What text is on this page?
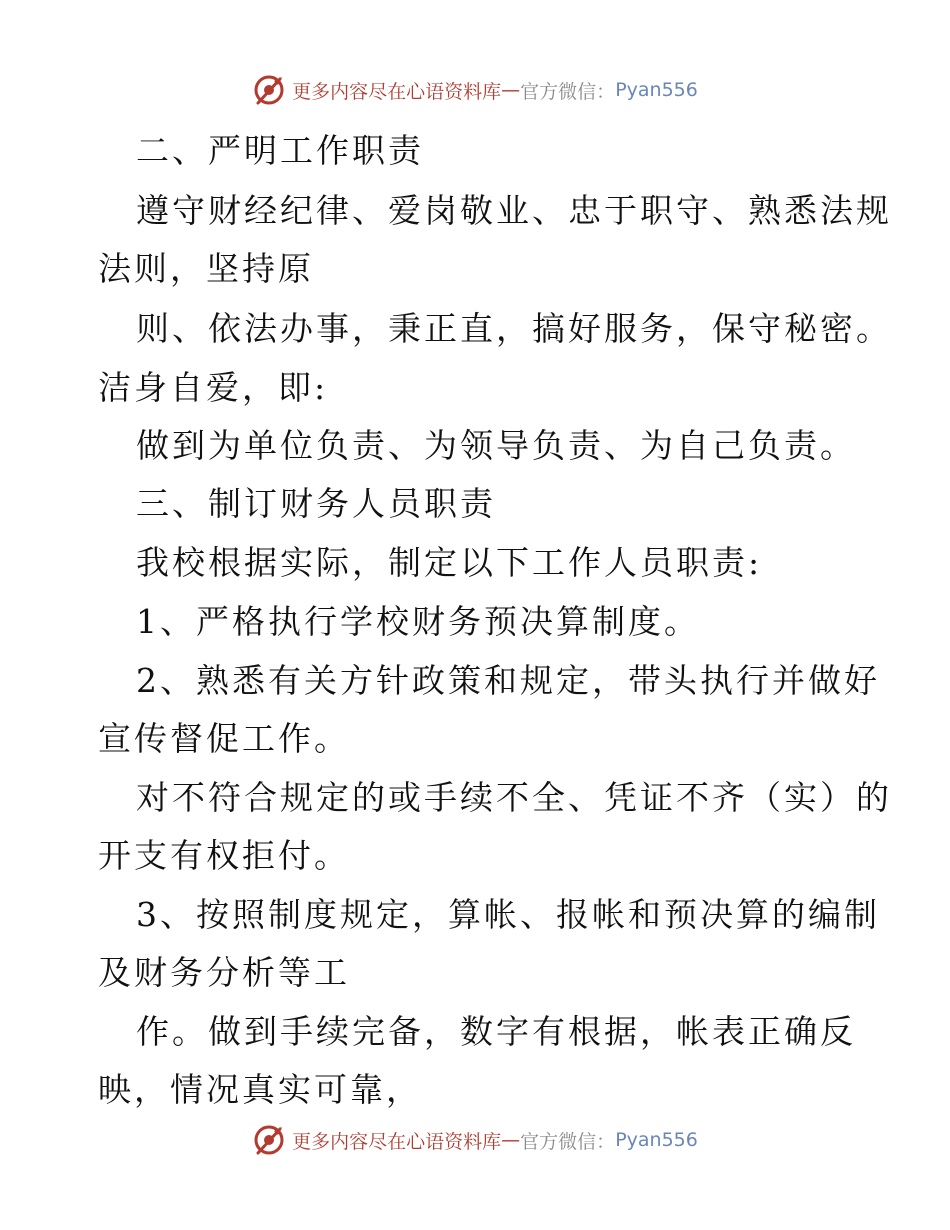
更多内容尽在心语资料库 — 官方微信： Pyan556
二、严明工作职责
遵守财经纪律、爱岗敬业、忠于职守、熟悉法规
法则，坚持原
则、依法办事，秉正直，搞好服务，保守秘密。
洁身自爱，即:
做到为单位负责、为领导负责、为自己负责。
三、制订财务人员职责
我校根据实际，制定以下工作人员职责:
1、严格执行学校财务预决算制度。
2、熟悉有关方针政策和规定，带头执行并做好
宣传督促工作。
对不符合规定的或手续不全、凭证不齐（实）的
开支有权拒付。
3、按照制度规定，算帐、报帐和预决算的编制
及财务分析等工
作。做到手续完备，数字有根据，帐表正确反
映，情况真实可靠，
更多内容尽在心语资料库 — 官方微信： Pyan556
